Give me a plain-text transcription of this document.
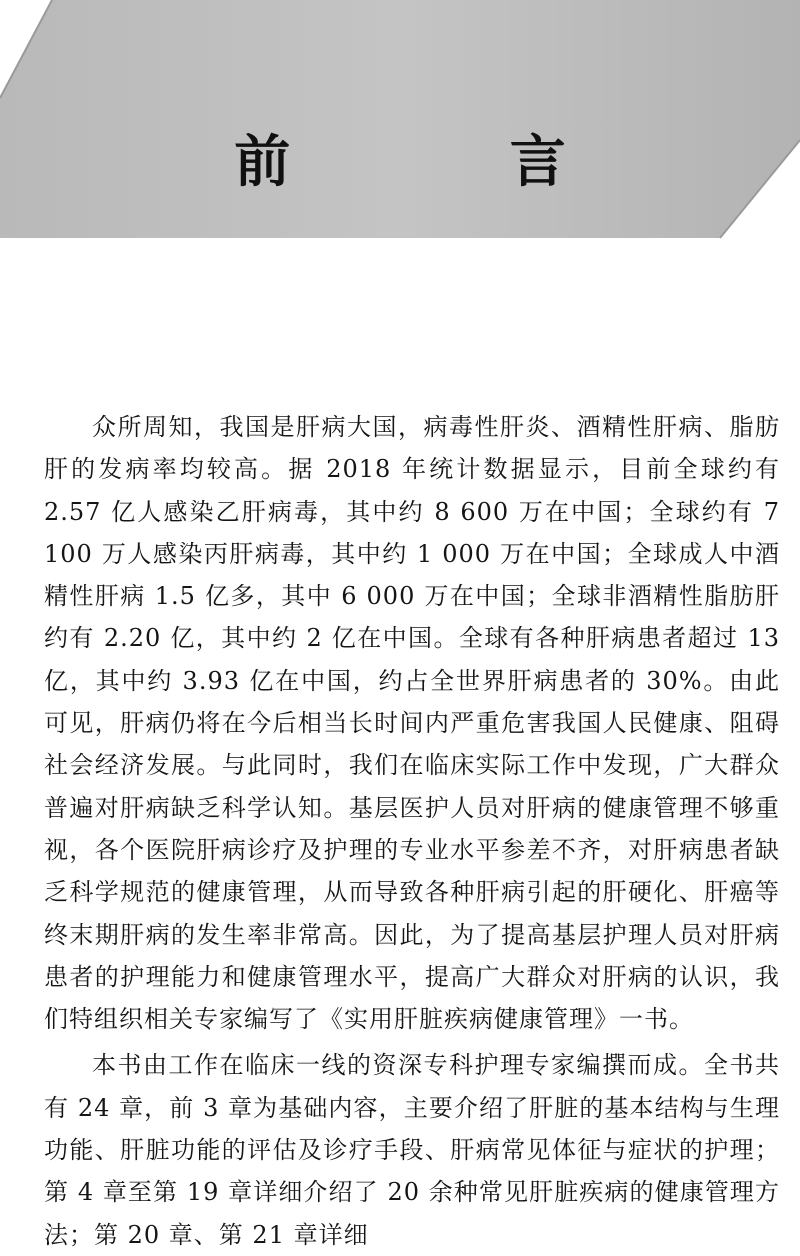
前 言

众所周知，我国是肝病大国，病毒性肝炎、酒精性肝病、脂肪肝的发病率均较高。据 2018 年统计数据显示，目前全球约有 2.57 亿人感染乙肝病毒，其中约 8 600 万在中国；全球约有 7 100 万人感染丙肝病毒，其中约 1 000 万在中国；全球成人中酒精性肝病 1.5 亿多，其中 6 000 万在中国；全球非酒精性脂肪肝约有 2.20 亿，其中约 2 亿在中国。全球有各种肝病患者超过 13 亿，其中约 3.93 亿在中国，约占全世界肝病患者的 30%。由此可见，肝病仍将在今后相当长时间内严重危害我国人民健康、阻碍社会经济发展。与此同时，我们在临床实际工作中发现，广大群众普遍对肝病缺乏科学认知。基层医护人员对肝病的健康管理不够重视，各个医院肝病诊疗及护理的专业水平参差不齐，对肝病患者缺乏科学规范的健康管理，从而导致各种肝病引起的肝硬化、肝癌等终末期肝病的发生率非常高。因此，为了提高基层护理人员对肝病患者的护理能力和健康管理水平，提高广大群众对肝病的认识，我们特组织相关专家编写了《实用肝脏疾病健康管理》一书。

本书由工作在临床一线的资深专科护理专家编撰而成。全书共有 24 章，前 3 章为基础内容，主要介绍了肝脏的基本结构与生理功能、肝脏功能的评估及诊疗手段、肝病常见体征与症状的护理；第 4 章至第 19 章详细介绍了 20 余种常见肝脏疾病的健康管理方法；第 20 章、第 21 章详细
